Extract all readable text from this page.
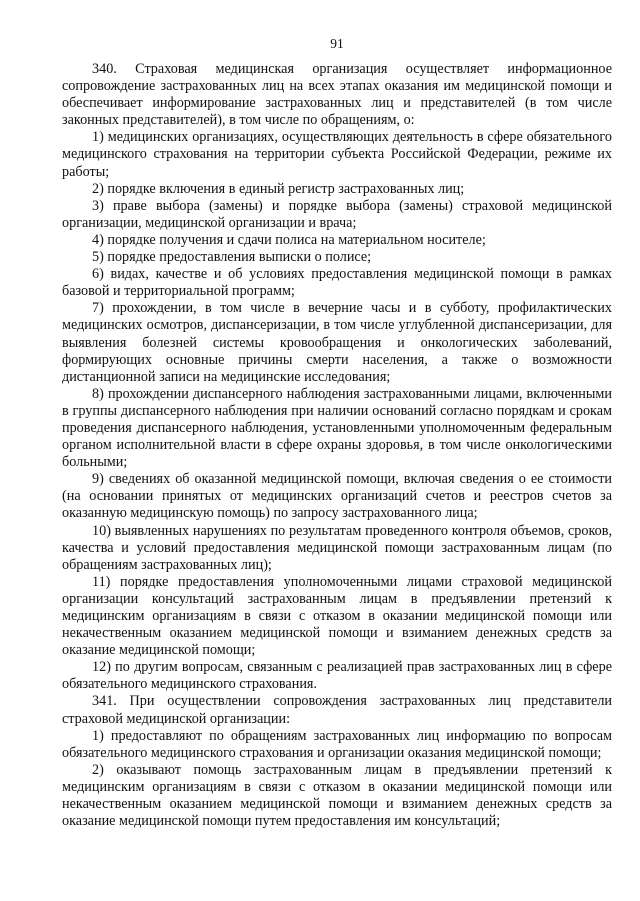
91

340. Страховая медицинская организация осуществляет информационное сопровождение застрахованных лиц на всех этапах оказания им медицинской помощи и обеспечивает информирование застрахованных лиц и представителей (в том числе законных представителей), в том числе по обращениям, о:

1) медицинских организациях, осуществляющих деятельность в сфере обязательного медицинского страхования на территории субъекта Российской Федерации, режиме их работы;

2) порядке включения в единый регистр застрахованных лиц;

3) праве выбора (замены) и порядке выбора (замены) страховой медицинской организации, медицинской организации и врача;

4) порядке получения и сдачи полиса на материальном носителе;

5) порядке предоставления выписки о полисе;

6) видах, качестве и об условиях предоставления медицинской помощи в рамках базовой и территориальной программ;

7) прохождении, в том числе в вечерние часы и в субботу, профилактических медицинских осмотров, диспансеризации, в том числе углубленной диспансеризации, для выявления болезней системы кровообращения и онкологических заболеваний, формирующих основные причины смерти населения, а также о возможности дистанционной записи на медицинские исследования;

8) прохождении диспансерного наблюдения застрахованными лицами, включенными в группы диспансерного наблюдения при наличии оснований согласно порядкам и срокам проведения диспансерного наблюдения, установленными уполномоченным федеральным органом исполнительной власти в сфере охраны здоровья, в том числе онкологическими больными;

9) сведениях об оказанной медицинской помощи, включая сведения о ее стоимости (на основании принятых от медицинских организаций счетов и реестров счетов за оказанную медицинскую помощь) по запросу застрахованного лица;

10) выявленных нарушениях по результатам проведенного контроля объемов, сроков, качества и условий предоставления медицинской помощи застрахованным лицам (по обращениям застрахованных лиц);

11) порядке предоставления уполномоченными лицами страховой медицинской организации консультаций застрахованным лицам в предъявлении претензий к медицинским организациям в связи с отказом в оказании медицинской помощи или некачественным оказанием медицинской помощи и взиманием денежных средств за оказание медицинской помощи;

12) по другим вопросам, связанным с реализацией прав застрахованных лиц в сфере обязательного медицинского страхования.

341. При осуществлении сопровождения застрахованных лиц представители страховой медицинской организации:

1) предоставляют по обращениям застрахованных лиц информацию по вопросам обязательного медицинского страхования и организации оказания медицинской помощи;

2) оказывают помощь застрахованным лицам в предъявлении претензий к медицинским организациям в связи с отказом в оказании медицинской помощи или некачественным оказанием медицинской помощи и взиманием денежных средств за оказание медицинской помощи путем предоставления им консультаций;
